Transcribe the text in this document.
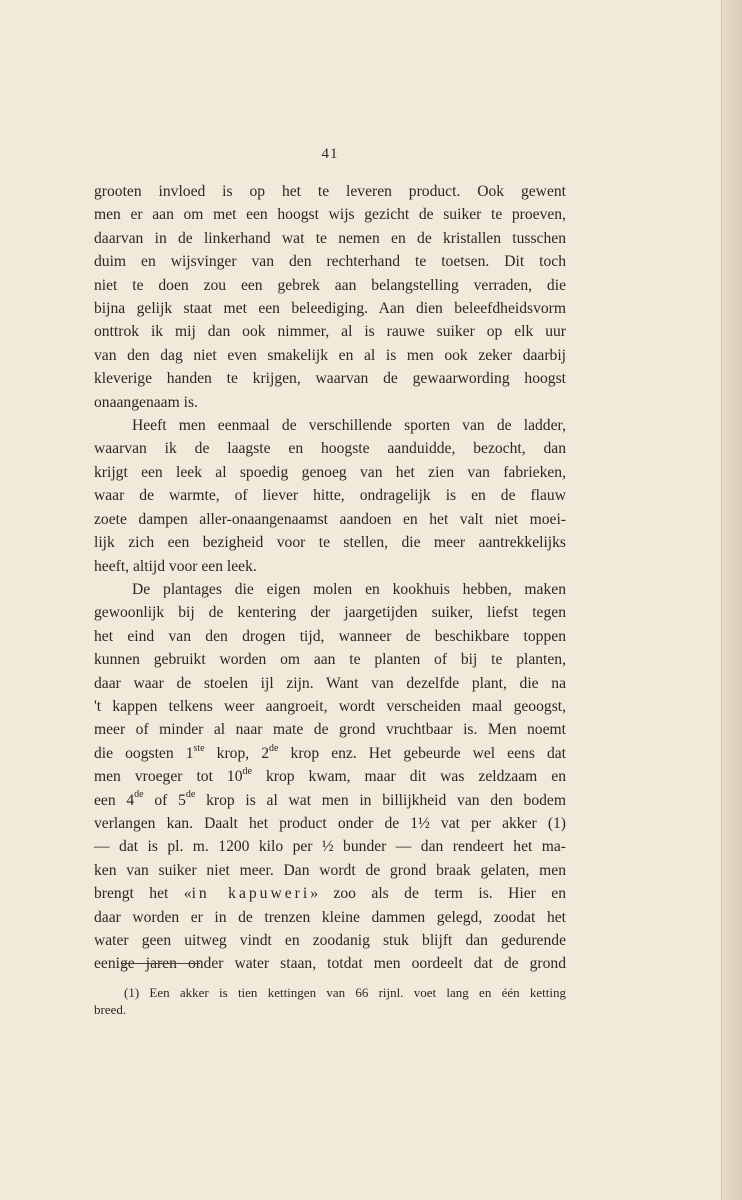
41
grooten invloed is op het te leveren product. Ook gewent
men er aan om met een hoogst wijs gezicht de suiker te proeven,
daarvan in de linkerhand wat te nemen en de kristallen tusschen
duim en wijsvinger van den rechterhand te toetsen. Dit toch
niet te doen zou een gebrek aan belangstelling verraden, die
bijna gelijk staat met een beleediging. Aan dien beleefdheidsvorm
onttrok ik mij dan ook nimmer, al is rauwe suiker op elk uur
van den dag niet even smakelijk en al is men ook zeker daarbij
kleverige handen te krijgen, waarvan de gewaarwording hoogst
onaangenaam is.
Heeft men eenmaal de verschillende sporten van de ladder,
waarvan ik de laagste en hoogste aanduidde, bezocht, dan
krijgt een leek al spoedig genoeg van het zien van fabrieken,
waar de warmte, of liever hitte, ondragelijk is en de flauw
zoete dampen aller-onaangenaamst aandoen en het valt niet moei-
lijk zich een bezigheid voor te stellen, die meer aantrekkelijks
heeft, altijd voor een leek.
De plantages die eigen molen en kookhuis hebben, maken
gewoonlijk bij de kentering der jaargetijden suiker, liefst tegen
het eind van den drogen tijd, wanneer de beschikbare toppen
kunnen gebruikt worden om aan te planten of bij te planten,
daar waar de stoelen ijl zijn. Want van dezelfde plant, die na
't kappen telkens weer aangroeit, wordt verscheiden maal geoogst,
meer of minder al naar mate de grond vruchtbaar is. Men noemt
die oogsten 1ste krop, 2de krop enz. Het gebeurde wel eens dat
men vroeger tot 10de krop kwam, maar dit was zeldzaam en
een 4de of 5de krop is al wat men in billijkheid van den bodem
verlangen kan. Daalt het product onder de 1½ vat per akker (1)
— dat is pl. m. 1200 kilo per ½ bunder — dan rendeert het ma-
ken van suiker niet meer. Dan wordt de grond braak gelaten, men
brengt het «in kapuweri» zoo als de term is. Hier en
daar worden er in de trenzen kleine dammen gelegd, zoodat het
water geen uitweg vindt en zoodanig stuk blijft dan gedurende
eenige jaren onder water staan, totdat men oordeelt dat de grond
(1) Een akker is tien kettingen van 66 rijnl. voet lang en één ketting
breed.
